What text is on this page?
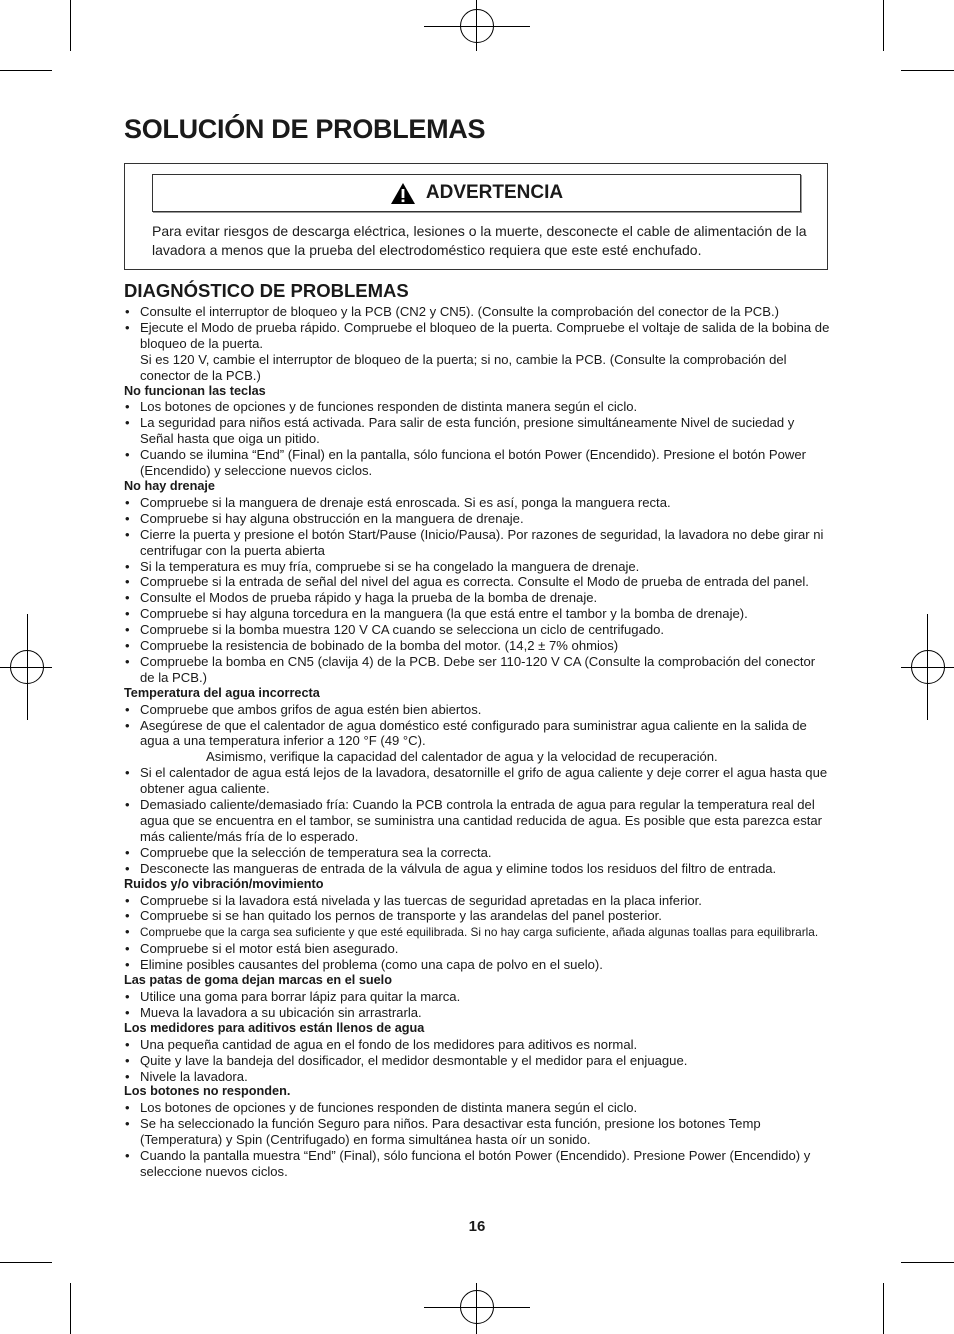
SOLUCIÓN DE PROBLEMAS
ADVERTENCIA
Para evitar riesgos de descarga eléctrica, lesiones o la muerte, desconecte el cable de alimentación de la lavadora a menos que la prueba del electrodoméstico requiera que este esté enchufado.
DIAGNÓSTICO DE PROBLEMAS
• Consulte el interruptor de bloqueo y la PCB (CN2 y CN5). (Consulte la comprobación del conector de la PCB.)
• Ejecute el Modo de prueba rápido. Compruebe el bloqueo de la puerta. Compruebe el voltaje de salida de la bobina de bloqueo de la puerta.
Si es 120 V, cambie el interruptor de bloqueo de la puerta; si no, cambie la PCB. (Consulte la comprobación del conector de la PCB.)
No funcionan las teclas
• Los botones de opciones y de funciones responden de distinta manera según el ciclo.
• La seguridad para niños está activada. Para salir de esta función, presione simultáneamente Nivel de suciedad y Señal hasta que oiga un pitido.
• Cuando se ilumina “End” (Final) en la pantalla, sólo funciona el botón Power (Encendido). Presione el botón Power (Encendido) y seleccione nuevos ciclos.
No hay drenaje
• Compruebe si la manguera de drenaje está enroscada. Si es así, ponga la manguera recta.
• Compruebe si hay alguna obstrucción en la manguera de drenaje.
• Cierre la puerta y presione el botón Start/Pause (Inicio/Pausa). Por razones de seguridad, la lavadora no debe girar ni centrifugar con la puerta abierta
• Si la temperatura es muy fría, compruebe si se ha congelado la manguera de drenaje.
• Compruebe si la entrada de señal del nivel del agua es correcta. Consulte el Modo de prueba de entrada del panel.
• Consulte el Modos de prueba rápido y haga la prueba de la bomba de drenaje.
• Compruebe si hay alguna torcedura en la manguera (la que está entre el tambor y la bomba de drenaje).
• Compruebe si la bomba muestra 120 V CA cuando se selecciona un ciclo de centrifugado.
• Compruebe la resistencia de bobinado de la bomba del motor. (14,2 ± 7% ohmios)
• Compruebe la bomba en CN5 (clavija 4) de la PCB. Debe ser 110-120 V CA (Consulte la comprobación del conector de la PCB.)
Temperatura del agua incorrecta
• Compruebe que ambos grifos de agua estén bien abiertos.
• Asegúrese de que el calentador de agua doméstico esté configurado para suministrar agua caliente en la salida de agua a una temperatura inferior a 120 °F (49 °C).
Asimismo, verifique la capacidad del calentador de agua y la velocidad de recuperación.
• Si el calentador de agua está lejos de la lavadora, desatornille el grifo de agua caliente y deje correr el agua hasta que obtener agua caliente.
• Demasiado caliente/demasiado fría: Cuando la PCB controla la entrada de agua para regular la temperatura real del agua que se encuentra en el tambor, se suministra una cantidad reducida de agua. Es posible que esta parezca estar más caliente/más fría de lo esperado.
• Compruebe que la selección de temperatura sea la correcta.
• Desconecte las mangueras de entrada de la válvula de agua y elimine todos los residuos del filtro de entrada.
Ruidos y/o vibración/movimiento
• Compruebe si la lavadora está nivelada y las tuercas de seguridad apretadas en la placa inferior.
• Compruebe si se han quitado los pernos de transporte y las arandelas del panel posterior.
• Compruebe que la carga sea suficiente y que esté equilibrada. Si no hay carga suficiente, añada algunas toallas para equilibrarla.
• Compruebe si el motor está bien asegurado.
• Elimine posibles causantes del problema (como una capa de polvo en el suelo).
Las patas de goma dejan marcas en el suelo
• Utilice una goma para borrar lápiz para quitar la marca.
• Mueva la lavadora a su ubicación sin arrastrarla.
Los medidores para aditivos están llenos de agua
• Una pequeña cantidad de agua en el fondo de los medidores para aditivos es normal.
• Quite y lave la bandeja del dosificador, el medidor desmontable y el medidor para el enjuague.
• Nivele la lavadora.
Los botones no responden.
• Los botones de opciones y de funciones responden de distinta manera según el ciclo.
• Se ha seleccionado la función Seguro para niños. Para desactivar esta función, presione los botones Temp (Temperatura) y Spin (Centrifugado) en forma simultánea hasta oír un sonido.
• Cuando la pantalla muestra “End” (Final), sólo funciona el botón Power (Encendido). Presione Power (Encendido) y seleccione nuevos ciclos.
16
